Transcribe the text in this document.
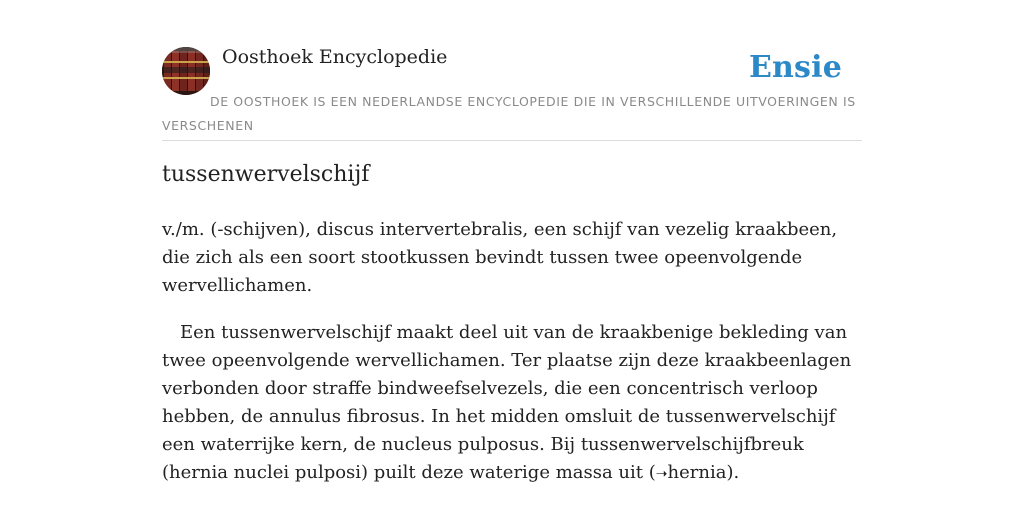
Oosthoek Encyclopedie	Ensie
DE OOSTHOEK IS EEN NEDERLANDSE ENCYCLOPEDIE DIE IN VERSCHILLENDE UITVOERINGEN IS VERSCHENEN
tussenwervelschijf

v./m. (-schijven), discus intervertebralis, een schijf van vezelig kraakbeen, die zich als een soort stootkussen bevindt tussen twee opeenvolgende wervellichamen.

Een tussenwervelschijf maakt deel uit van de kraakbenige bekleding van twee opeenvolgende wervellichamen. Ter plaatse zijn deze kraakbeenlagen verbonden door straffe bindweefselvezels, die een concentrisch verloop hebben, de annulus fibrosus. In het midden omsluit de tussenwervelschijf een waterrijke kern, de nucleus pulposus. Bij tussenwervelschijfbreuk (hernia nuclei pulposi) puilt deze waterige massa uit (➝hernia).
